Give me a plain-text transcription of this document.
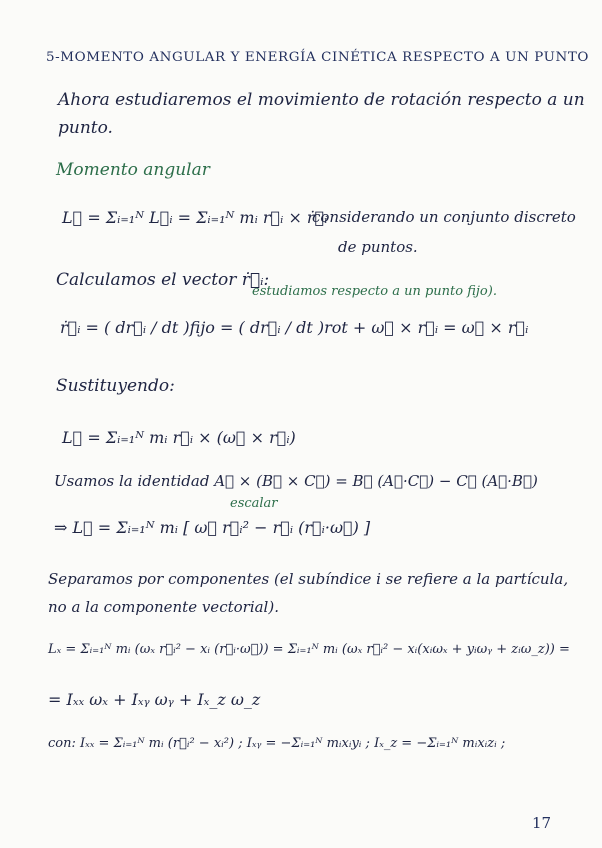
5-MOMENTO ANGULAR Y ENERGÍA CINÉTICA RESPECTO A UN PUNTO
Ahora estudiaremos el movimiento de rotación respecto a un
punto.
Momento angular
L⃗ = Σᵢ₌₁ᴺ L⃗ᵢ = Σᵢ₌₁ᴺ mᵢ r⃗ᵢ × ṙ⃗ᵢ
considerando un conjunto discreto
de puntos.
Calculamos el vector ṙ⃗ᵢ:
estudiamos respecto a un punto fijo).
ṙ⃗ᵢ = ( dr⃗ᵢ / dt )fijo = ( dr⃗ᵢ / dt )rot + ω⃗ × r⃗ᵢ = ω⃗ × r⃗ᵢ
Sustituyendo:
L⃗ = Σᵢ₌₁ᴺ mᵢ r⃗ᵢ × (ω⃗ × r⃗ᵢ)
Usamos la identidad A⃗ × (B⃗ × C⃗) = B⃗ (A⃗·C⃗) − C⃗ (A⃗·B⃗)
escalar
⇒ L⃗ = Σᵢ₌₁ᴺ mᵢ [ ω⃗ r⃗ᵢ² − r⃗ᵢ (r⃗ᵢ·ω⃗) ]
Separamos por componentes (el subíndice i se refiere a la partícula,
no a la componente vectorial).
Lₓ = Σᵢ₌₁ᴺ mᵢ (ωₓ r⃗ᵢ² − xᵢ (r⃗ᵢ·ω⃗)) = Σᵢ₌₁ᴺ mᵢ (ωₓ r⃗ᵢ² − xᵢ(xᵢωₓ + yᵢωᵧ + zᵢω_z)) =
= Iₓₓ ωₓ + Iₓᵧ ωᵧ + Iₓ_z ω_z
con: Iₓₓ = Σᵢ₌₁ᴺ mᵢ (r⃗ᵢ² − xᵢ²) ; Iₓᵧ = −Σᵢ₌₁ᴺ mᵢxᵢyᵢ ; Iₓ_z = −Σᵢ₌₁ᴺ mᵢxᵢzᵢ ;
17
